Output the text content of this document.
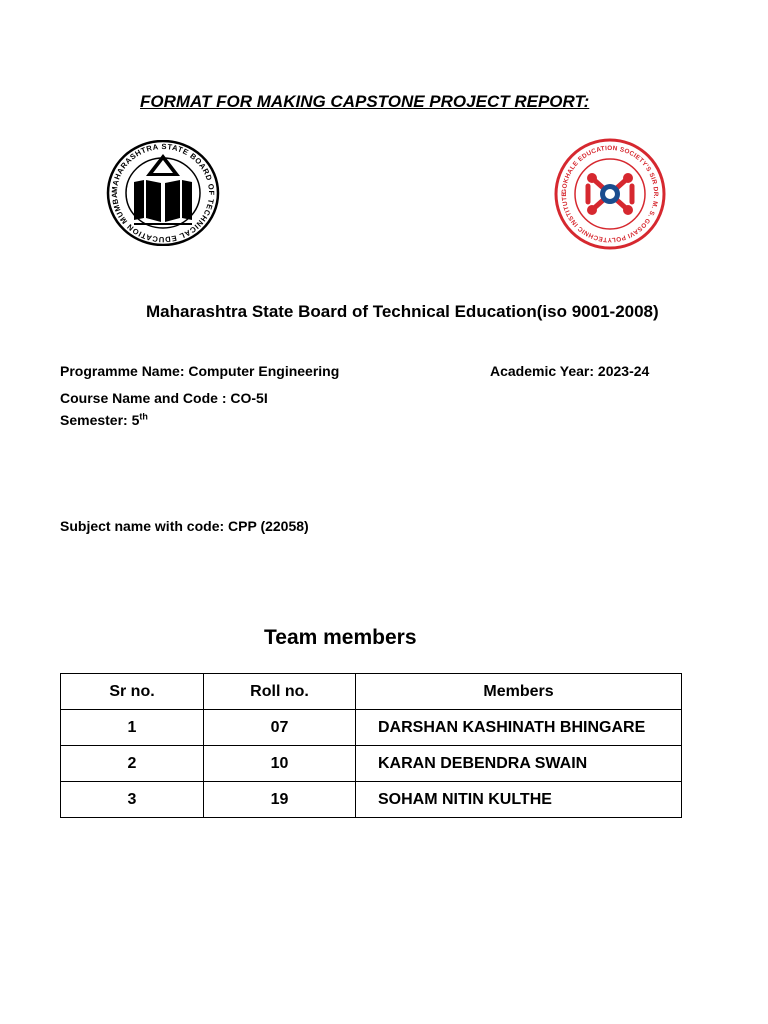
FORMAT FOR MAKING CAPSTONE PROJECT REPORT:
MAHARASHTRA STATE BOARD OF TECHNICAL EDUCATION MUMBA
GOKHALE EDUCATION SOCIETY'S SIR DR. M. S. GOSAVI POLYTECHNIC INSTITUTE
Maharashtra State Board of Technical Education(iso 9001-2008)
Programme Name: Computer Engineering	Academic Year: 2023-24
Course Name and Code : CO-5I
Semester: 5th
Subject name with code: CPP (22058)
Team members
Sr no.	Roll no.	Members
1	07	DARSHAN KASHINATH BHINGARE
2	10	KARAN DEBENDRA SWAIN
3	19	SOHAM NITIN KULTHE
